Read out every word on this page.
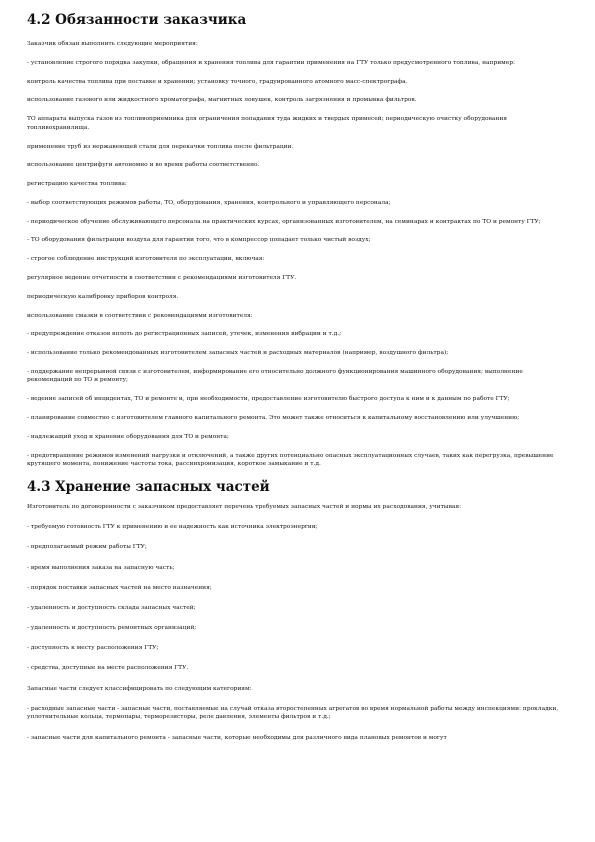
4.2 Обязанности заказчика

Заказчик обязан выполнить следующие мероприятия:

- установление строгого порядка закупки, обращения и хранения топлива для гарантии применения на ГТУ только предусмотренного топлива, например:

контроль качества топлива при поставке и хранении; установку точного, градуированного атомного масс-спектрографа.

использование газового или жидкостного хроматографа, магнитных ловушек, контроль загрязнения и промывка фильтров.

ТО аппарата выпуска газов из топливоприемника для ограничения попадания туда жидких и твердых примесей; периодическую очистку оборудования топливохранилища.

применение труб из нержавеющей стали для перекачки топлива после фильтрации.

использование центрифуги автономно и во время работы соответственно.

регистрацию качества топлива:

- выбор соответствующих режимов работы, ТО, оборудования, хранения, контрольного и управляющего персонала;

- периодическое обучение обслуживающего персонала на практических курсах, организованных изготовителем, на семинарах и контрактах по ТО и ремонту ГТУ;

- ТО оборудования фильтрации воздуха для гарантии того, что в компрессор попадает только чистый воздух;

- строгое соблюдение инструкций изготовителя по эксплуатации, включая:

регулярное ведение отчетности в соответствии с рекомендациями изготовителя ГТУ.

периодическую калибровку приборов контроля.

использование смазки в соответствии с рекомендациями изготовителя:

- предупреждение отказов вплоть до регистрационных записей, утечек, изменения вибрации и т.д.;

- использование только рекомендованных изготовителем запасных частей и расходных материалов (например, воздушного фильтра);

- поддержание непрерывной связи с изготовителем, информирование его относительно должного функционирования машинного оборудования; выполнение рекомендаций по ТО и ремонту;

- ведение записей об инцидентах, ТО и ремонте и, при необходимости, предоставление изготовителю быстрого доступа к ним и к данным по работе ГТУ;

- планирование совместно с изготовителем главного капитального ремонта. Это может также относиться к капитальному восстановлению или улучшению;

- надлежащий уход и хранение оборудования для ТО и ремонта;

- предотвращение режимов изменений нагрузки и отключений, а также других потенциально опасных эксплуатационных случаев, таких как перегрузка, превышение крутящего момента, понижение частоты тока, рассинхронизация, короткое замыкание и т.д.

4.3 Хранение запасных частей

Изготовитель по договоренности с заказчиком предоставляет перечень требуемых запасных частей и нормы их расходования, учитывая:

- требуемую готовность ГТУ к применению и ее надежность как источника электроэнергии;

- предполагаемый режим работы ГТУ;

- время выполнения заказа на запасную часть;

- порядок поставки запасных частей на место назначения;

- удаленность и доступность склада запасных частей;

- удаленность и доступность ремонтных организаций;

- доступность к месту расположения ГТУ;

- средства, доступные на месте расположения ГТУ.

Запасные части следует классифицировать по следующим категориям:

- расходные запасные части - запасные части, поставляемые на случай отказа второстепенных агрегатов во время нормальной работы между инспекциями: прокладки, уплотнительные кольца, термопары, терморезисторы, реле давления, элементы фильтров и т.д.;

- запасные части для капитального ремонта - запасные части, которые необходимы для различного вида плановых ремонтов и могут
